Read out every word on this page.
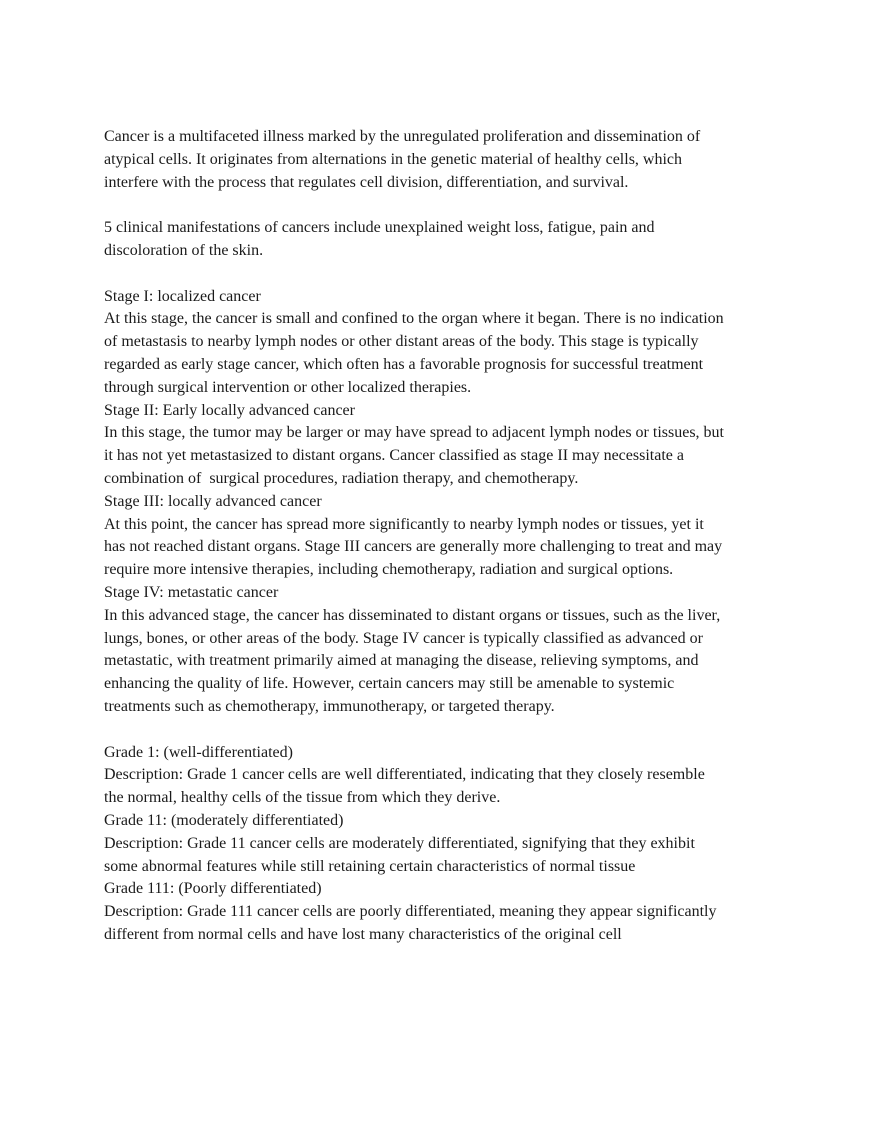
Cancer is a multifaceted illness marked by the unregulated proliferation and dissemination of
atypical cells. It originates from alternations in the genetic material of healthy cells, which
interfere with the process that regulates cell division, differentiation, and survival.
5 clinical manifestations of cancers include unexplained weight loss, fatigue, pain and
discoloration of the skin.
Stage I: localized cancer
At this stage, the cancer is small and confined to the organ where it began. There is no indication
of metastasis to nearby lymph nodes or other distant areas of the body. This stage is typically
regarded as early stage cancer, which often has a favorable prognosis for successful treatment
through surgical intervention or other localized therapies.
Stage II: Early locally advanced cancer
In this stage, the tumor may be larger or may have spread to adjacent lymph nodes or tissues, but
it has not yet metastasized to distant organs. Cancer classified as stage II may necessitate a
combination of  surgical procedures, radiation therapy, and chemotherapy.
Stage III: locally advanced cancer
At this point, the cancer has spread more significantly to nearby lymph nodes or tissues, yet it
has not reached distant organs. Stage III cancers are generally more challenging to treat and may
require more intensive therapies, including chemotherapy, radiation and surgical options.
Stage IV: metastatic cancer
In this advanced stage, the cancer has disseminated to distant organs or tissues, such as the liver,
lungs, bones, or other areas of the body. Stage IV cancer is typically classified as advanced or
metastatic, with treatment primarily aimed at managing the disease, relieving symptoms, and
enhancing the quality of life. However, certain cancers may still be amenable to systemic
treatments such as chemotherapy, immunotherapy, or targeted therapy.
Grade 1: (well-differentiated)
Description: Grade 1 cancer cells are well differentiated, indicating that they closely resemble
the normal, healthy cells of the tissue from which they derive.
Grade 11: (moderately differentiated)
Description: Grade 11 cancer cells are moderately differentiated, signifying that they exhibit
some abnormal features while still retaining certain characteristics of normal tissue
Grade 111: (Poorly differentiated)
Description: Grade 111 cancer cells are poorly differentiated, meaning they appear significantly
different from normal cells and have lost many characteristics of the original cell
